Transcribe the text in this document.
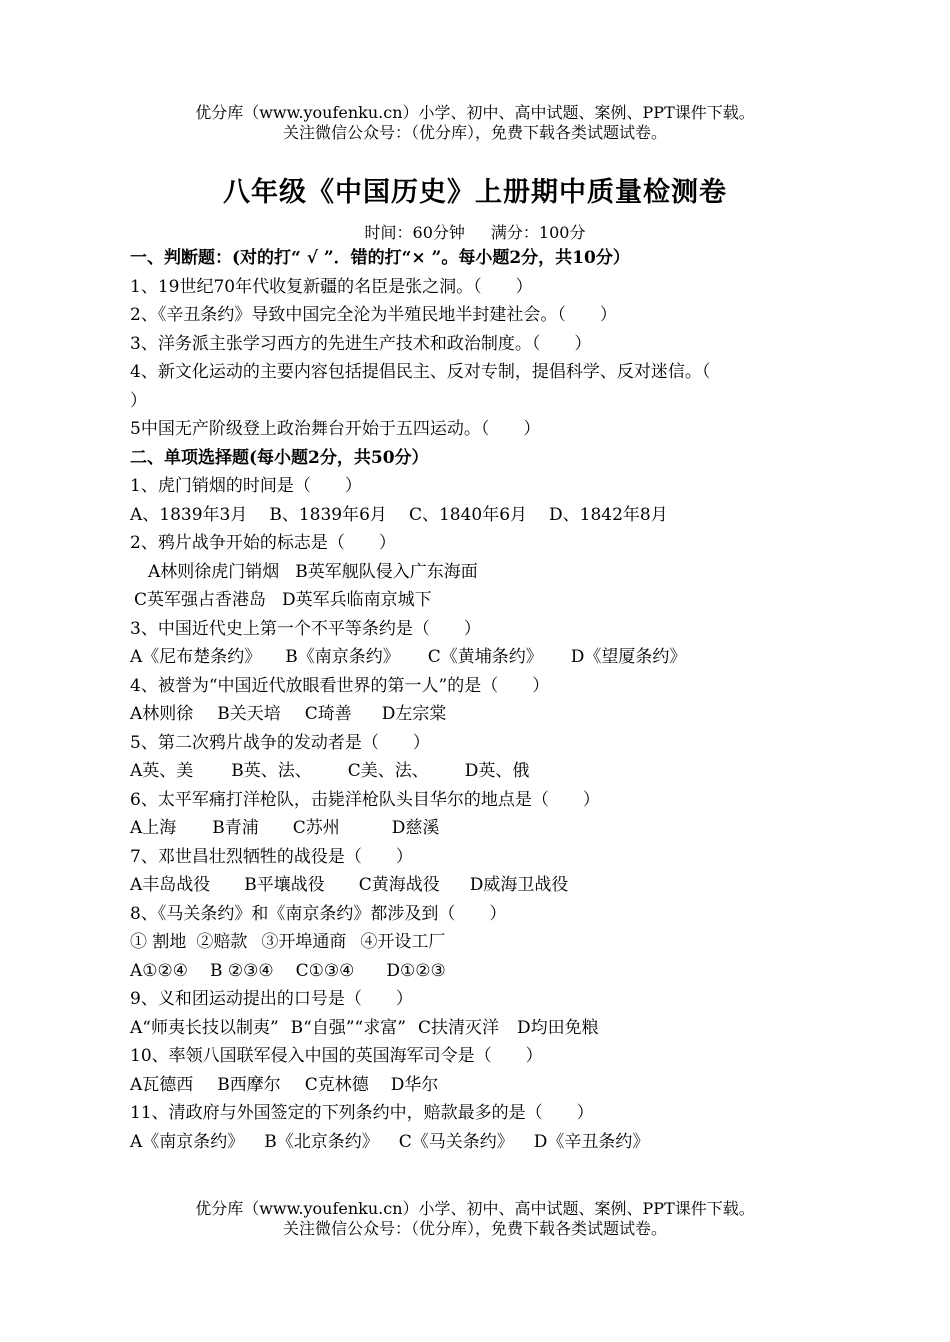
优分库（www.youfenku.cn）小学、初中、高中试题、案例、PPT课件下载。
关注微信公众号：（优分库），免费下载各类试题试卷。
八年级《中国历史》上册期中质量检测卷
时间：60分钟 满分：100分
一、判断题：(对的打“ √ ”．错的打“× ”。每小题2分，共10分）
1、19世纪70年代收复新疆的名臣是张之洞。（　　）
2、《辛丑条约》导致中国完全沦为半殖民地半封建社会。（　　）
3、洋务派主张学习西方的先进生产技术和政治制度。（　　）
4、新文化运动的主要内容包括提倡民主、反对专制，提倡科学、反对迷信。（
）
5中国无产阶级登上政治舞台开始于五四运动。（　　）
二、单项选择题(每小题2分，共50分）
1、虎门销烟的时间是（　　）
A、1839年3月 B、1839年6月 C、1840年6月 D、1842年8月
2、鸦片战争开始的标志是（　　）
A林则徐虎门销烟 B英军舰队侵入广东海面
C英军强占香港岛 D英军兵临南京城下
3、中国近代史上第一个不平等条约是（　　）
A《尼布楚条约》 B《南京条约》 C《黄埔条约》 D《望厦条约》
4、被誉为“中国近代放眼看世界的第一人”的是（　　）
A林则徐 B关天培 C琦善 D左宗棠
5、第二次鸦片战争的发动者是（　　）
A英、美 B英、法、 C美、法、 D英、俄
6、太平军痛打洋枪队，击毙洋枪队头目华尔的地点是（　　）
A上海 B青浦 C苏州	D慈溪
7、邓世昌壮烈牺牲的战役是（　　）
A丰岛战役 B平壤战役 C黄海战役 D威海卫战役
8、《马关条约》和《南京条约》都涉及到（　　）
① 割地 ②赔款 ③开埠通商 ④开设工厂
A①②④ B ②③④ C①③④ D①②③
9、义和团运动提出的口号是（　　）
A“师夷长技以制夷” B“自强”“求富” C扶清灭洋 D均田免粮
10、率领八国联军侵入中国的英国海军司令是（　　）
A瓦德西 B西摩尔 C克林德 D华尔
11、清政府与外国签定的下列条约中，赔款最多的是（　　）
A《南京条约》 B《北京条约》 C《马关条约》 D《辛丑条约》
优分库（www.youfenku.cn）小学、初中、高中试题、案例、PPT课件下载。
关注微信公众号：（优分库），免费下载各类试题试卷。
